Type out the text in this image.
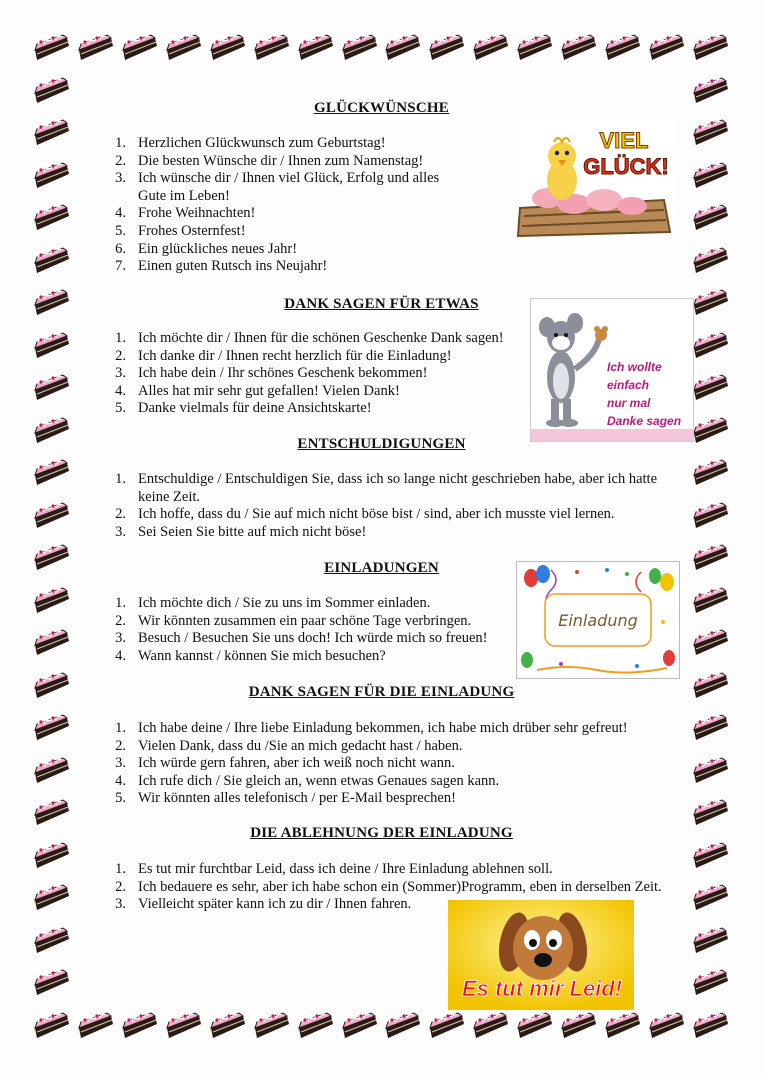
GLÜCKWÜNSCHE
1. Herzlichen Glückwunsch zum Geburtstag!
2. Die besten Wünsche dir / Ihnen zum Namenstag!
3. Ich wünsche dir / Ihnen viel Glück, Erfolg und alles Gute im Leben!
4. Frohe Weihnachten!
5. Frohes Osternfest!
6. Ein glückliches neues Jahr!
7. Einen guten Rutsch ins Neujahr!
VIEL
GLÜCK!
DANK SAGEN FÜR ETWAS
1. Ich möchte dir / Ihnen für die schönen Geschenke Dank sagen!
2. Ich danke dir / Ihnen recht herzlich für die Einladung!
3. Ich habe dein / Ihr schönes Geschenk bekommen!
4. Alles hat mir sehr gut gefallen! Vielen Dank!
5. Danke vielmals für deine Ansichtskarte!
Ich wollte einfach nur mal Danke sagen
ENTSCHULDIGUNGEN
1. Entschuldige / Entschuldigen Sie, dass ich so lange nicht geschrieben habe, aber ich hatte keine Zeit.
2. Ich hoffe, dass du / Sie auf mich nicht böse bist / sind, aber ich musste viel lernen.
3. Sei Seien Sie bitte auf mich nicht böse!
EINLADUNGEN
1. Ich möchte dich / Sie zu uns im Sommer einladen.
2. Wir könnten zusammen ein paar schöne Tage verbringen.
3. Besuch / Besuchen Sie uns doch! Ich würde mich so freuen!
4. Wann kannst / können Sie mich besuchen?
Einladung
DANK SAGEN FÜR DIE EINLADUNG
1. Ich habe deine / Ihre liebe Einladung bekommen, ich habe mich drüber sehr gefreut!
2. Vielen Dank, dass du /Sie an mich gedacht hast / haben.
3. Ich würde gern fahren, aber ich weiß noch nicht wann.
4. Ich rufe dich / Sie gleich an, wenn etwas Genaues sagen kann.
5. Wir könnten alles telefonisch / per E-Mail besprechen!
DIE ABLEHNUNG DER EINLADUNG
1. Es tut mir furchtbar Leid, dass ich deine / Ihre Einladung ablehnen soll.
2. Ich bedauere es sehr, aber ich habe schon ein (Sommer)Programm, eben in derselben Zeit.
3. Vielleicht später kann ich zu dir / Ihnen fahren.
Es tut mir Leid!
